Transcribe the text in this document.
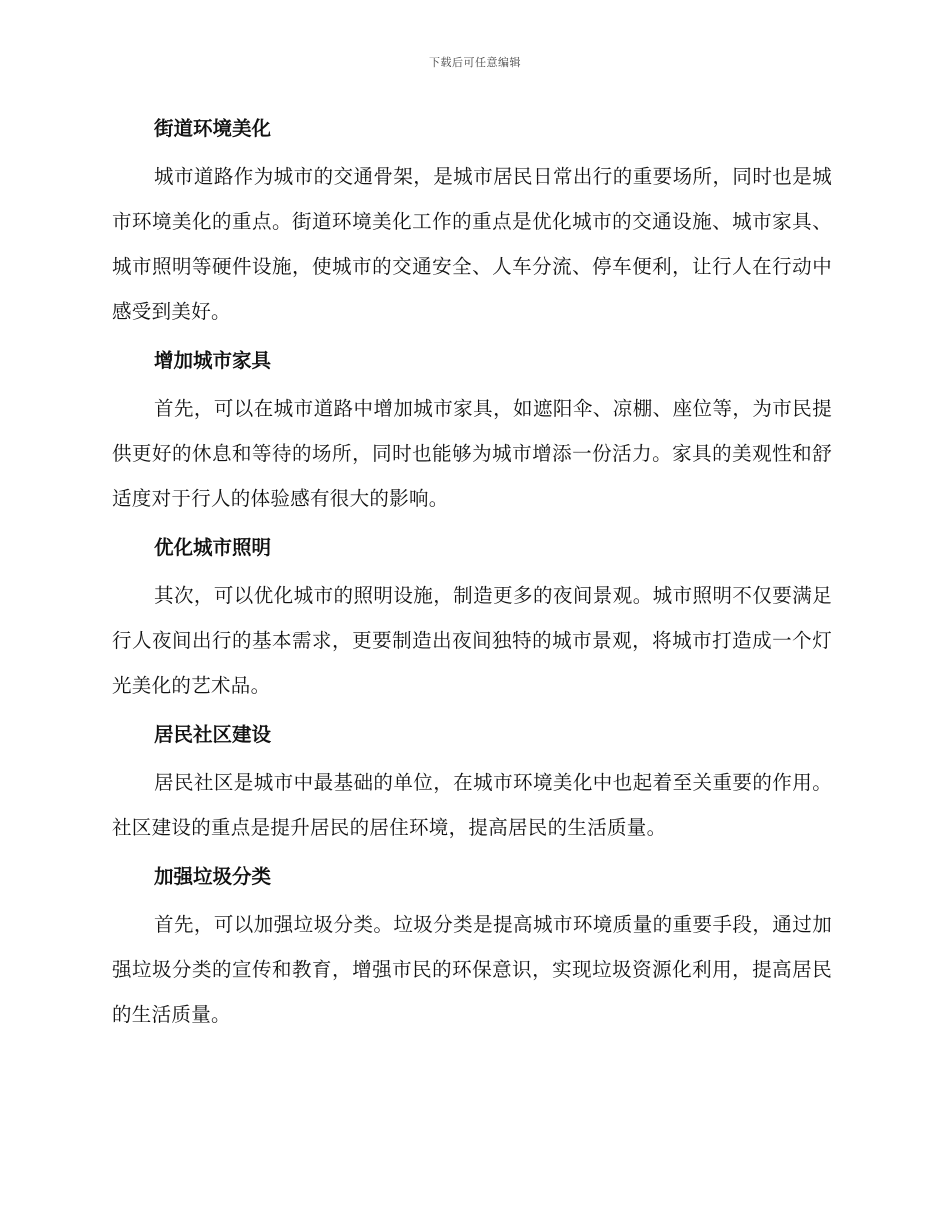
下载后可任意编辑
街道环境美化

城市道路作为城市的交通骨架，是城市居民日常出行的重要场所，同时也是城市环境美化的重点。街道环境美化工作的重点是优化城市的交通设施、城市家具、城市照明等硬件设施，使城市的交通安全、人车分流、停车便利，让行人在行动中感受到美好。

增加城市家具

首先，可以在城市道路中增加城市家具，如遮阳伞、凉棚、座位等，为市民提供更好的休息和等待的场所，同时也能够为城市增添一份活力。家具的美观性和舒适度对于行人的体验感有很大的影响。

优化城市照明

其次，可以优化城市的照明设施，制造更多的夜间景观。城市照明不仅要满足行人夜间出行的基本需求，更要制造出夜间独特的城市景观，将城市打造成一个灯光美化的艺术品。

居民社区建设

居民社区是城市中最基础的单位，在城市环境美化中也起着至关重要的作用。社区建设的重点是提升居民的居住环境，提高居民的生活质量。

加强垃圾分类

首先，可以加强垃圾分类。垃圾分类是提高城市环境质量的重要手段，通过加强垃圾分类的宣传和教育，增强市民的环保意识，实现垃圾资源化利用，提高居民的生活质量。
